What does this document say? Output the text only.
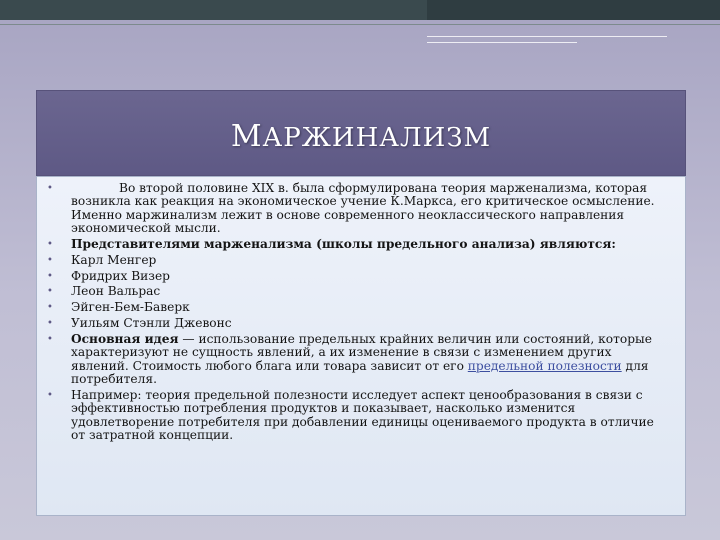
МАРЖИНАЛИЗМ
•	Во второй половине XIX в. была сформулирована теория марженализма, которая возникла как реакция на экономическое учение К.Маркса, его критическое осмысление. Именно маржинализм лежит в основе современного неоклассического направления экономической мысли.
• Представителями марженализма (школы предельного анализа) являются:
• Карл Менгер
• Фридрих Визер
• Леон Вальрас
• Эйген-Бем-Баверк
• Уильям Стэнли Джевонс
• Основная идея — использование предельных крайних величин или состояний, которые характеризуют не сущность явлений, а их изменение в связи с изменением других явлений. Стоимость любого блага или товара зависит от его предельной полезности для потребителя.
• Например: теория предельной полезности исследует аспект ценообразования в связи с эффективностью потребления продуктов и показывает, насколько изменится удовлетворение потребителя при добавлении единицы оцениваемого продукта в отличие от затратной концепции.
